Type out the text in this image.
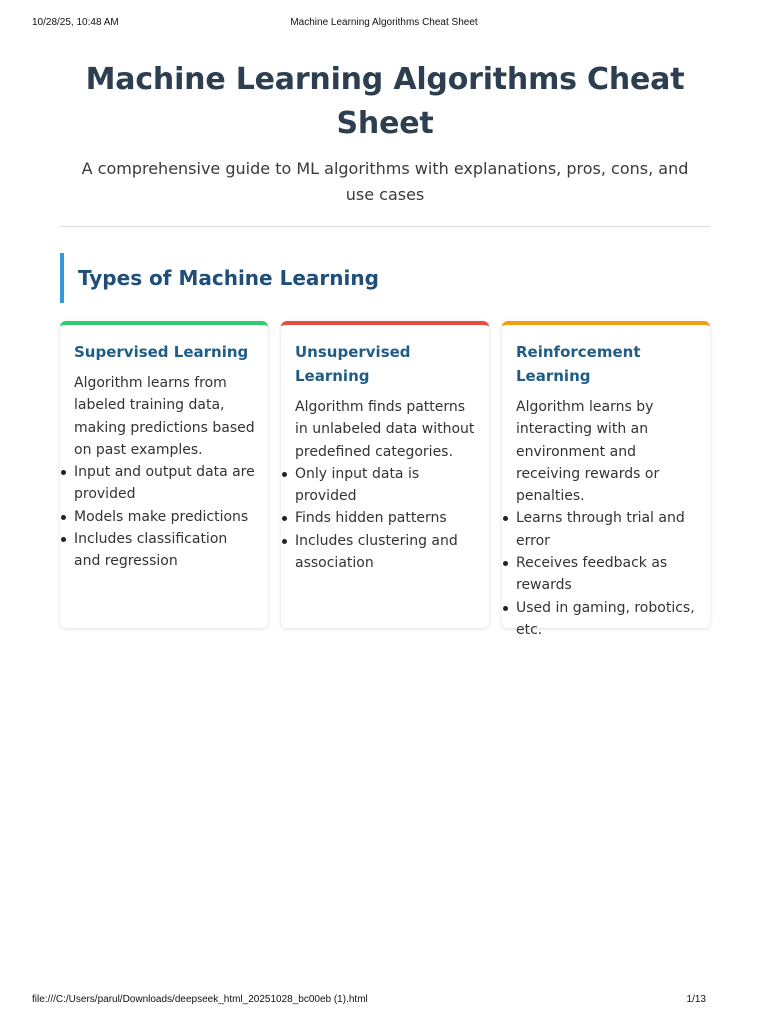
10/28/25, 10:48 AM	Machine Learning Algorithms Cheat Sheet
Machine Learning Algorithms Cheat Sheet

A comprehensive guide to ML algorithms with explanations, pros, cons, and use cases

Types of Machine Learning
Supervised Learning

Algorithm learns from labeled training data, making predictions based on past examples.

Input and output data are provided
Models make predictions
Includes classification and regression
Unsupervised Learning

Algorithm finds patterns in unlabeled data without predefined categories.

Only input data is provided
Finds hidden patterns
Includes clustering and association
Reinforcement Learning

Algorithm learns by interacting with an environment and receiving rewards or penalties.

Learns through trial and error
Receives feedback as rewards
Used in gaming, robotics, etc.
file:///C:/Users/parul/Downloads/deepseek_html_20251028_bc00eb (1).html	1/13
